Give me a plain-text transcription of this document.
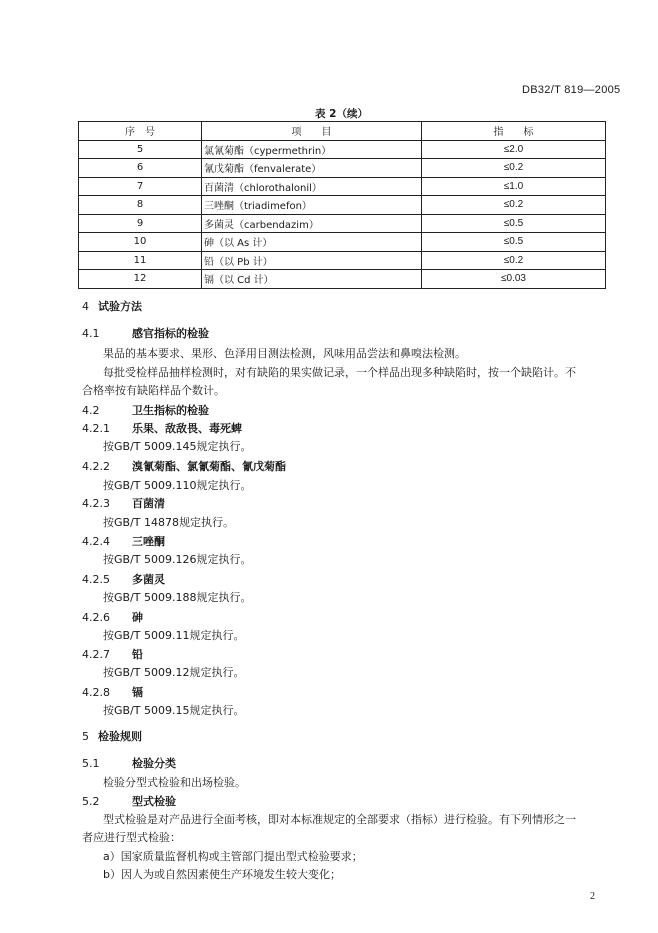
DB32/T 819—2005
表 2（续）
序　号	项　　目	指　　标
5	氯氰菊酯（cypermethrin）	≤2.0
6	氰戊菊酯（fenvalerate）	≤0.2
7	百菌清（chlorothalonil）	≤1.0
8	三唑酮（triadimefon）	≤0.2
9	多菌灵（carbendazim）	≤0.5
10	砷（以 As 计）	≤0.5
11	铅（以 Pb 计）	≤0.2
12	镉（以 Cd 计）	≤0.03
4 试验方法
4.1	感官指标的检验
果品的基本要求、果形、色泽用目测法检测，风味用品尝法和鼻嗅法检测。
每批受检样品抽样检测时，对有缺陷的果实做记录，一个样品出现多种缺陷时，按一个缺陷计。不
合格率按有缺陷样品个数计。
4.2	卫生指标的检验
4.2.1 乐果、敌敌畏、毒死蜱
按GB/T 5009.145规定执行。
4.2.2 溴氰菊酯、氯氰菊酯、氰戊菊酯
按GB/T 5009.110规定执行。
4.2.3 百菌清
按GB/T 14878规定执行。
4.2.4 三唑酮
按GB/T 5009.126规定执行。
4.2.5 多菌灵
按GB/T 5009.188规定执行。
4.2.6 砷
按GB/T 5009.11规定执行。
4.2.7 铅
按GB/T 5009.12规定执行。
4.2.8 镉
按GB/T 5009.15规定执行。
5 检验规则
5.1	检验分类
检验分型式检验和出场检验。
5.2	型式检验
型式检验是对产品进行全面考核，即对本标准规定的全部要求（指标）进行检验。有下列情形之一
者应进行型式检验：
a）国家质量监督机构或主管部门提出型式检验要求；
b）因人为或自然因素使生产环境发生较大变化；
2
